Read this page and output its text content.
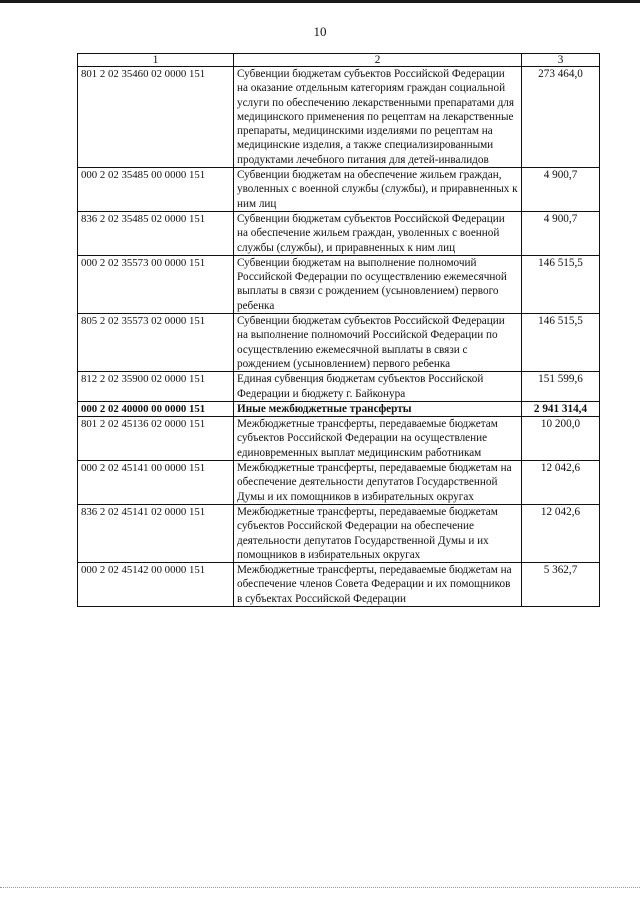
10
1	2	3
801 2 02 35460 02 0000 151	Субвенции бюджетам субъектов Российской Федерации на оказание отдельным категориям граждан социальной услуги по обеспечению лекарственными препаратами для медицинского применения по рецептам на лекарственные препараты, медицинскими изделиями по рецептам на медицинские изделия, а также специализированными продуктами лечебного питания для детей-инвалидов	273 464,0
000 2 02 35485 00 0000 151	Субвенции бюджетам на обеспечение жильем граждан, уволенных с военной службы (службы), и приравненных к ним лиц	4 900,7
836 2 02 35485 02 0000 151	Субвенции бюджетам субъектов Российской Федерации на обеспечение жильем граждан, уволенных с военной службы (службы), и приравненных к ним лиц	4 900,7
000 2 02 35573 00 0000 151	Субвенции бюджетам на выполнение полномочий Российской Федерации по осуществлению ежемесячной выплаты в связи с рождением (усыновлением) первого ребенка	146 515,5
805 2 02 35573 02 0000 151	Субвенции бюджетам субъектов Российской Федерации на выполнение полномочий Российской Федерации по осуществлению ежемесячной выплаты в связи с рождением (усыновлением) первого ребенка	146 515,5
812 2 02 35900 02 0000 151	Единая субвенция бюджетам субъектов Российской Федерации и бюджету г. Байконура	151 599,6
000 2 02 40000 00 0000 151	Иные межбюджетные трансферты	2 941 314,4
801 2 02 45136 02 0000 151	Межбюджетные трансферты, передаваемые бюджетам субъектов Российской Федерации на осуществление единовременных выплат медицинским работникам	10 200,0
000 2 02 45141 00 0000 151	Межбюджетные трансферты, передаваемые бюджетам на обеспечение деятельности депутатов Государственной Думы и их помощников в избирательных округах	12 042,6
836 2 02 45141 02 0000 151	Межбюджетные трансферты, передаваемые бюджетам субъектов Российской Федерации на обеспечение деятельности депутатов Государственной Думы и их помощников в избирательных округах	12 042,6
000 2 02 45142 00 0000 151	Межбюджетные трансферты, передаваемые бюджетам на обеспечение членов Совета Федерации и их помощников в субъектах Российской Федерации	5 362,7
